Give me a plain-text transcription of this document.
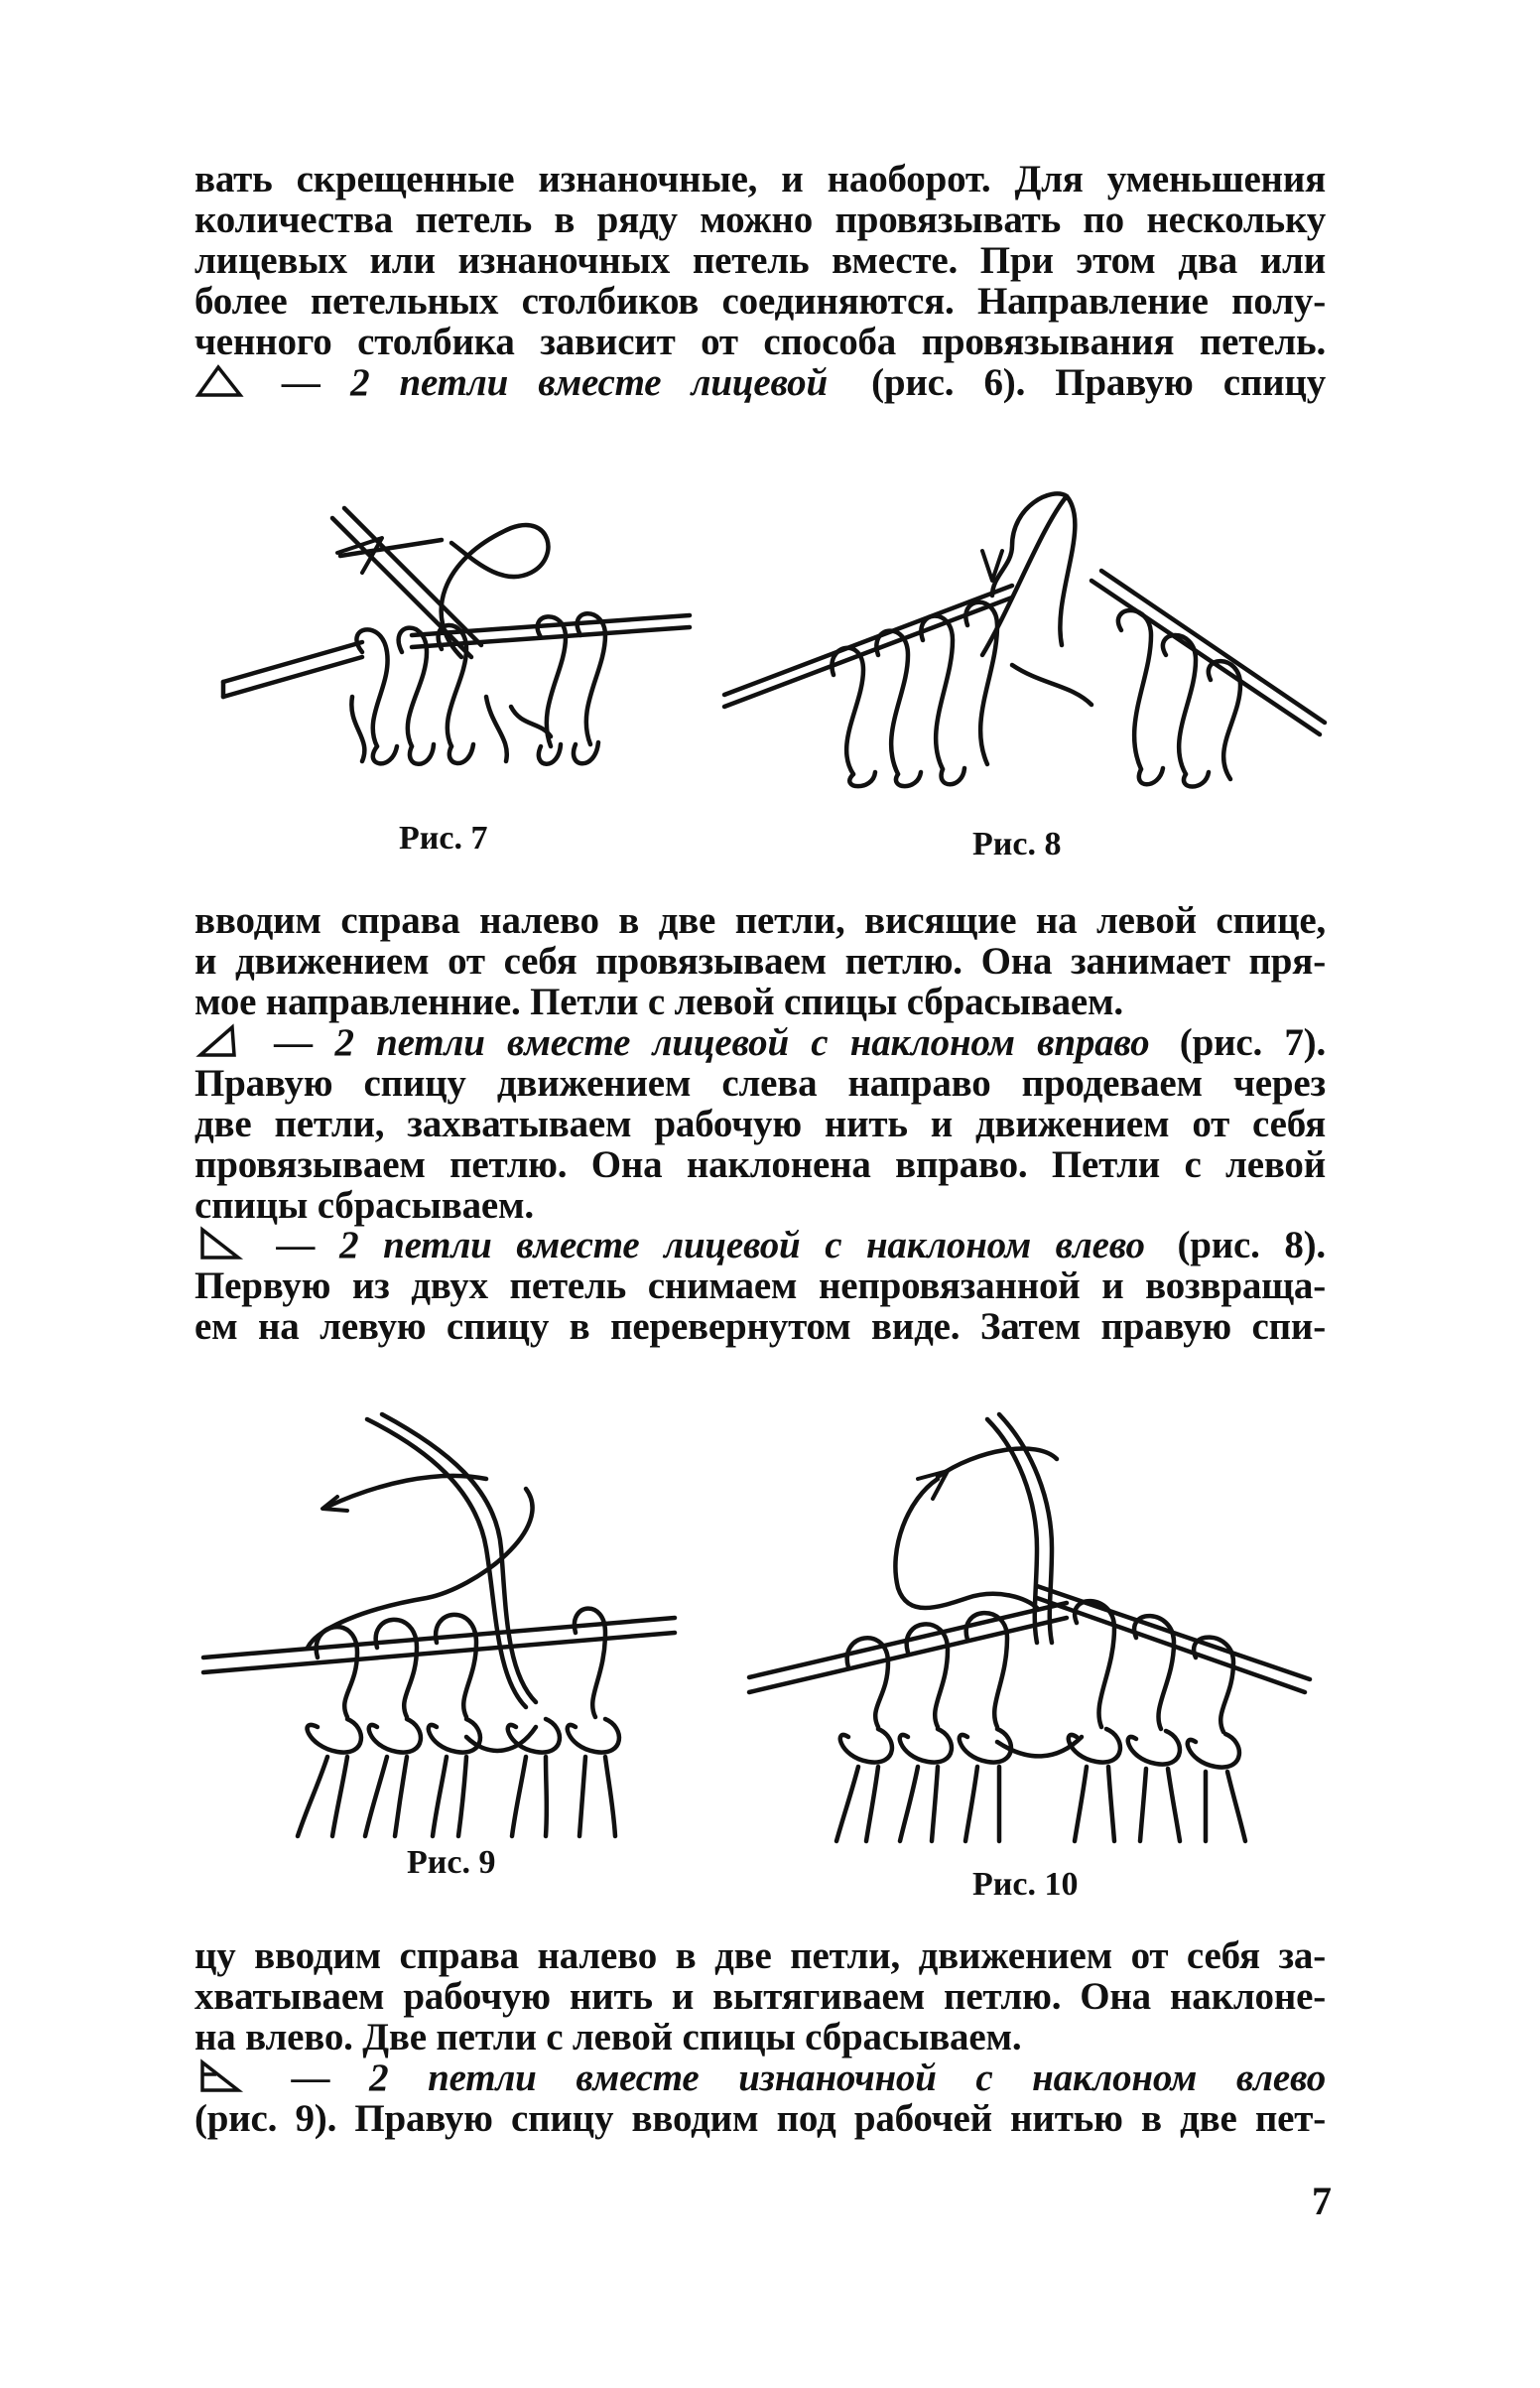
вать скрещенные изнаночные, и наоборот. Для уменьшения
количества петель в ряду можно провязывать по нескольку
лицевых или изнаночных петель вместе. При этом два или
более петельных столбиков соединяются. Направление полу-
ченного столбика зависит от способа провязывания петель.
— 2 петли вместе лицевой (рис. 6). Правую спицу
Рис. 7	Рис. 8
вводим справа налево в две петли, висящие на левой спице,
и движением от себя провязываем петлю. Она занимает пря-
мое направленние. Петли с левой спицы сбрасываем.
— 2 петли вместе лицевой с наклоном вправо (рис. 7).
Правую спицу движением слева направо продеваем через
две петли, захватываем рабочую нить и движением от себя
провязываем петлю. Она наклонена вправо. Петли с левой
спицы сбрасываем.
— 2 петли вместе лицевой с наклоном влево (рис. 8).
Первую из двух петель снимаем непровязанной и возвраща-
ем на левую спицу в перевернутом виде. Затем правую спи-
Рис. 9
Рис. 10
цу вводим справа налево в две петли, движением от себя за-
хватываем рабочую нить и вытягиваем петлю. Она наклоне-
на влево. Две петли с левой спицы сбрасываем.
— 2 петли вместе изнаночной с наклоном влево
(рис. 9). Правую спицу вводим под рабочей нитью в две пет-
7
